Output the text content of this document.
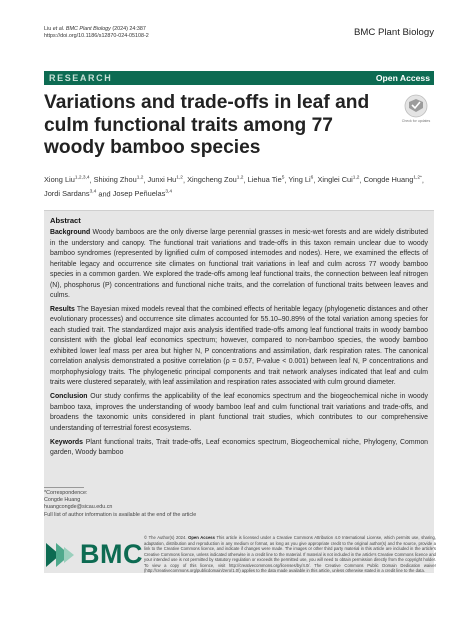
Liu et al. BMC Plant Biology (2024) 24:387
https://doi.org/10.1186/s12870-024-05108-2	BMC Plant Biology
RESEARCH	Open Access
Variations and trade-offs in leaf and culm functional traits among 77 woody bamboo species
Check for updates
Xiong Liu$^{1,2,3,4}$, Shixing Zhou$^{1,2}$, Junxi Hu$^{1,2}$, Xingcheng Zou$^{1,2}$, Liehua Tie$^5$, Ying Li$^6$, Xinglei Cui$^{1,2}$, Congde Huang$^{1,2*}$, Jordi Sardans$^{3,4}$ and Josep Peñuelas$^{3,4}$
Abstract

Background Woody bamboos are the only diverse large perennial grasses in mesic-wet forests and are widely distributed in the understory and canopy. The functional trait variations and trade-offs in this taxon remain unclear due to woody bamboo syndromes (represented by lignified culm of composed internodes and nodes). Here, we examined the effects of heritable legacy and occurrence site climates on functional trait variations in leaf and culm across 77 woody bamboo species in a common garden. We explored the trade-offs among leaf functional traits, the connection between leaf nitrogen (N), phosphorus (P) concentrations and functional niche traits, and the correlation of functional traits between leaves and culms.

Results The Bayesian mixed models reveal that the combined effects of heritable legacy (phylogenetic distances and other evolutionary processes) and occurrence site climates accounted for 55.10–90.89% of the total variation among species for each studied trait. The standardized major axis analysis identified trade-offs among leaf functional traits in woody bamboo consistent with the global leaf economics spectrum; however, compared to non-bamboo species, the woody bamboo exhibited lower leaf mass per area but higher N, P concentrations and assimilation, dark respiration rates. The canonical correlation analysis demonstrated a positive correlation (ρ = 0.57, P-value < 0.001) between leaf N, P concentrations and morphophysiology traits. The phylogenetic principal components and trait network analyses indicated that leaf and culm traits were clustered separately, with leaf assimilation and respiration rates associated with culm ground diameter.

Conclusion Our study confirms the applicability of the leaf economics spectrum and the biogeochemical niche in woody bamboo taxa, improves the understanding of woody bamboo leaf and culm functional trait variations and trade-offs, and broadens the taxonomic units considered in plant functional trait studies, which contributes to our comprehensive understanding of terrestrial forest ecosystems.

Keywords Plant functional traits, Trait trade-offs, Leaf economics spectrum, Biogeochemical niche, Phylogeny, Common garden, Woody bamboo

*Correspondence:
Congde Huang
huangcongde@sicau.edu.cn
Full list of author information is available at the end of the article
BMC
© The Author(s) 2024. Open Access This article is licensed under a Creative Commons Attribution 4.0 International License, which permits use, sharing, adaptation, distribution and reproduction in any medium or format, as long as you give appropriate credit to the original author(s) and the source, provide a link to the Creative Commons licence, and indicate if changes were made. The images or other third party material in this article are included in the article's Creative Commons licence, unless indicated otherwise in a credit line to the material. If material is not included in the article's Creative Commons licence and your intended use is not permitted by statutory regulation or exceeds the permitted use, you will need to obtain permission directly from the copyright holder. To view a copy of this licence, visit http://creativecommons.org/licenses/by/4.0/. The Creative Commons Public Domain Dedication waiver (http://creativecommons.org/publicdomain/zero/1.0/) applies to the data made available in this article, unless otherwise stated in a credit line to the data.
